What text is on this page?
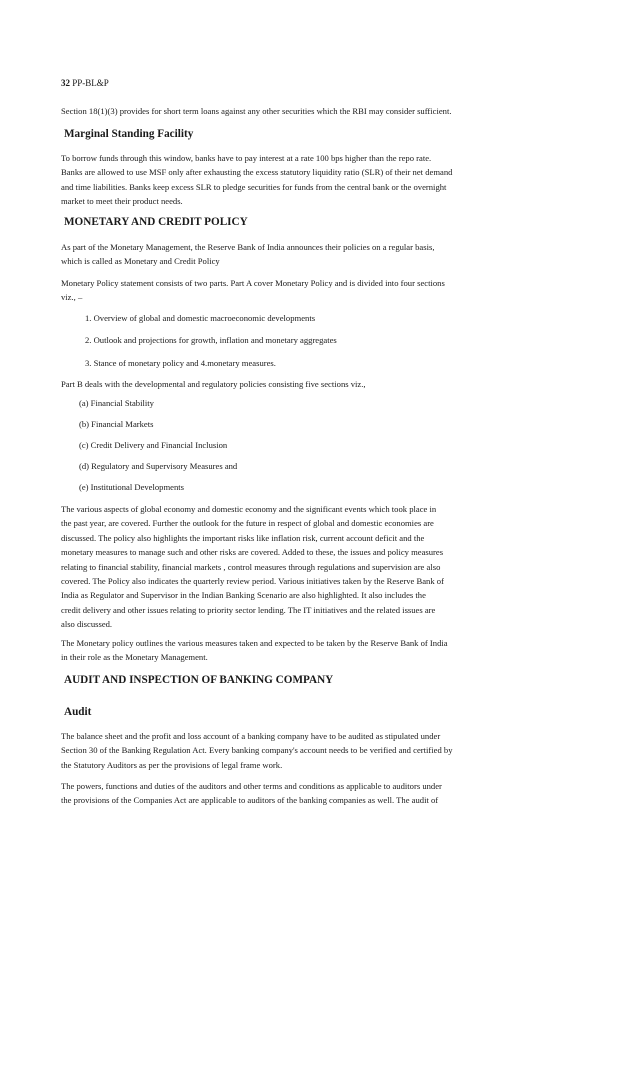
32 PP-BL&P

Section 18(1)(3) provides for short term loans against any other securities which the RBI may consider sufficient.

Marginal Standing Facility

To borrow funds through this window, banks have to pay interest at a rate 100 bps higher than the repo rate.

Banks are allowed to use MSF only after exhausting the excess statutory liquidity ratio (SLR) of their net demand

and time liabilities. Banks keep excess SLR to pledge securities for funds from the central bank or the overnight

market to meet their product needs.

MONETARY AND CREDIT POLICY

As part of the Monetary Management, the Reserve Bank of India announces their policies on a regular basis,

which is called as Monetary and Credit Policy

Monetary Policy statement consists of two parts. Part A cover Monetary Policy and is divided into four sections

viz., –

1. Overview of global and domestic macroeconomic developments

2. Outlook and projections for growth, inflation and monetary aggregates

3. Stance of monetary policy and 4.monetary measures.

Part B deals with the developmental and regulatory policies consisting five sections viz.,

(a) Financial Stability

(b) Financial Markets

(c) Credit Delivery and Financial Inclusion

(d) Regulatory and Supervisory Measures and

(e) Institutional Developments

The various aspects of global economy and domestic economy and the significant events which took place in

the past year, are covered. Further the outlook for the future in respect of global and domestic economies are

discussed. The policy also highlights the important risks like inflation risk, current account deficit and the

monetary measures to manage such and other risks are covered. Added to these, the issues and policy measures

relating to financial stability, financial markets , control measures through regulations and supervision are also

covered. The Policy also indicates the quarterly review period. Various initiatives taken by the Reserve Bank of

India as Regulator and Supervisor in the Indian Banking Scenario are also highlighted. It also includes the

credit delivery and other issues relating to priority sector lending. The IT initiatives and the related issues are

also discussed.

The Monetary policy outlines the various measures taken and expected to be taken by the Reserve Bank of India

in their role as the Monetary Management.

AUDIT AND INSPECTION OF BANKING COMPANY

Audit

The balance sheet and the profit and loss account of a banking company have to be audited as stipulated under

Section 30 of the Banking Regulation Act. Every banking company's account needs to be verified and certified by

the Statutory Auditors as per the provisions of legal frame work.

The powers, functions and duties of the auditors and other terms and conditions as applicable to auditors under

the provisions of the Companies Act are applicable to auditors of the banking companies as well. The audit of
